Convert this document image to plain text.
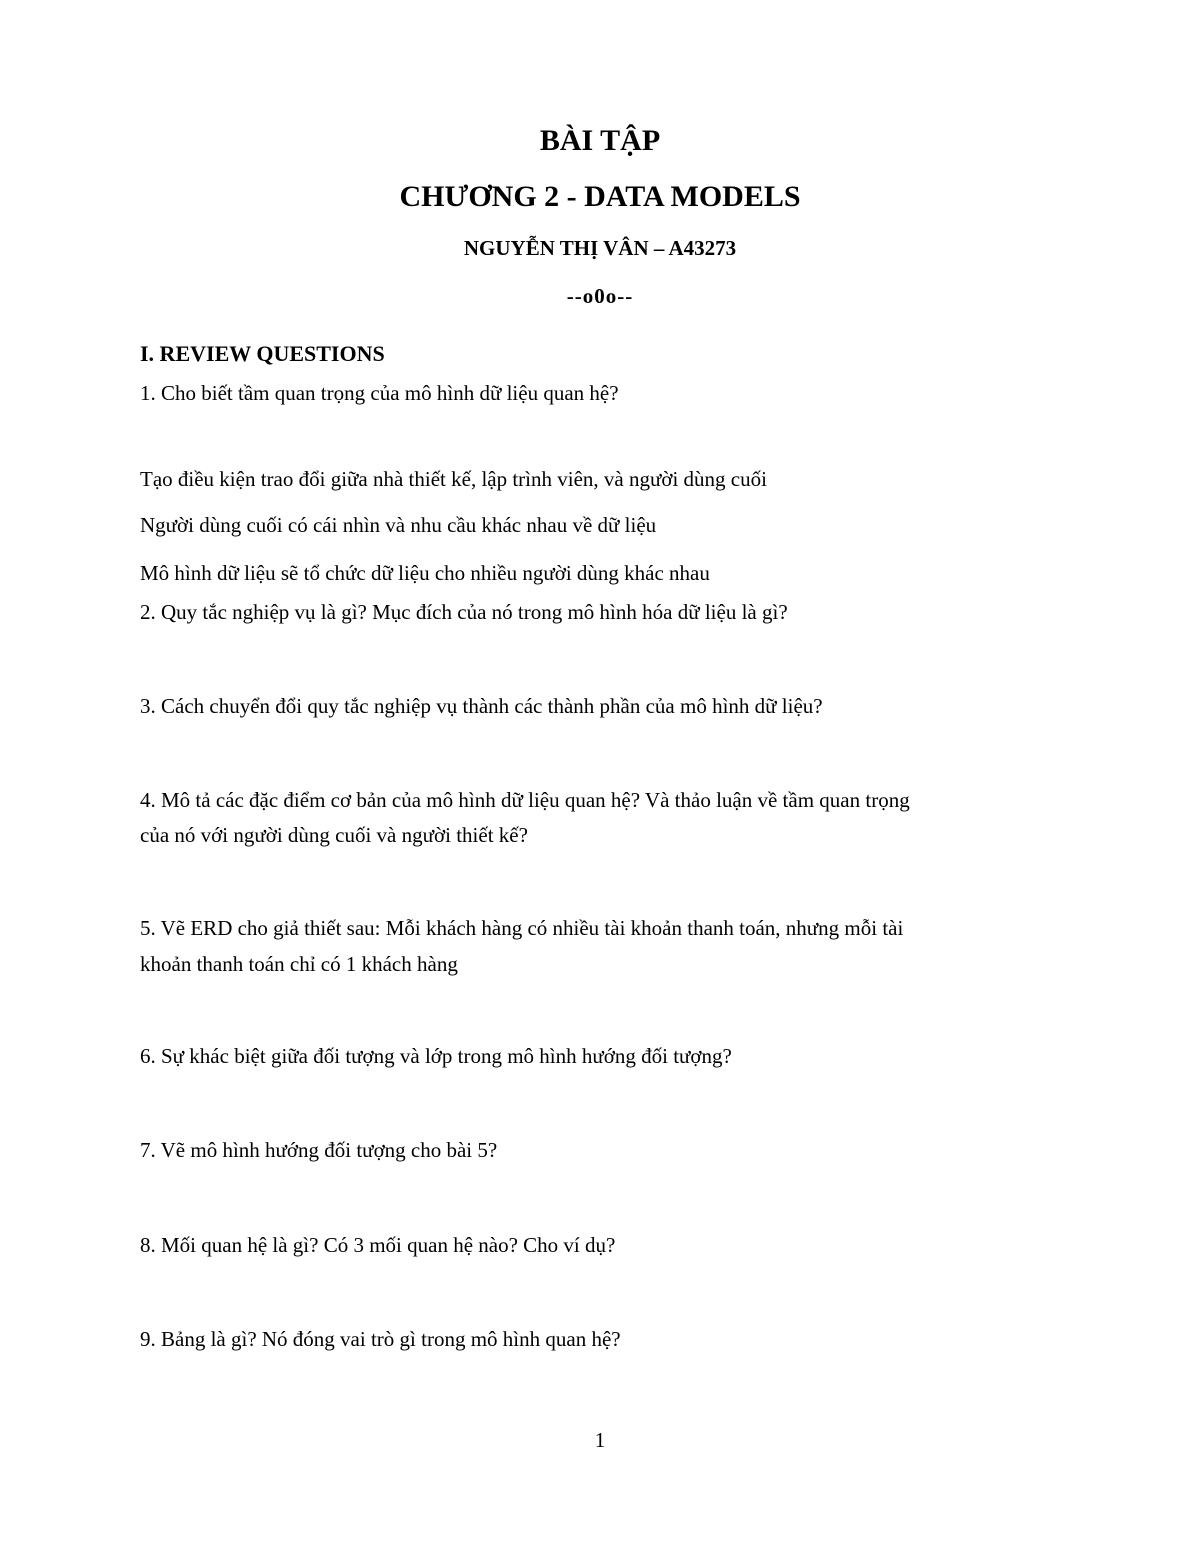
BÀI TẬP
CHƯƠNG 2 - DATA MODELS
NGUYỄN THỊ VÂN – A43273
--o0o--
I. REVIEW QUESTIONS
1. Cho biết tầm quan trọng của mô hình dữ liệu quan hệ?
Tạo điều kiện trao đổi giữa nhà thiết kế, lập trình viên, và người dùng cuối
Người dùng cuối có cái nhìn và nhu cầu khác nhau về dữ liệu
Mô hình dữ liệu sẽ tổ chức dữ liệu cho nhiều người dùng khác nhau
2. Quy tắc nghiệp vụ là gì? Mục đích của nó trong mô hình hóa dữ liệu là gì?
3. Cách chuyển đổi quy tắc nghiệp vụ thành các thành phần của mô hình dữ liệu?
4. Mô tả các đặc điểm cơ bản của mô hình dữ liệu quan hệ? Và thảo luận về tầm quan trọng
của nó với người dùng cuối và người thiết kế?
5. Vẽ ERD cho giả thiết sau: Mỗi khách hàng có nhiều tài khoản thanh toán, nhưng mỗi tài
khoản thanh toán chỉ có 1 khách hàng
6. Sự khác biệt giữa đối tượng và lớp trong mô hình hướng đối tượng?
7. Vẽ mô hình hướng đối tượng cho bài 5?
8. Mối quan hệ là gì? Có 3 mối quan hệ nào? Cho ví dụ?
9. Bảng là gì? Nó đóng vai trò gì trong mô hình quan hệ?
1
